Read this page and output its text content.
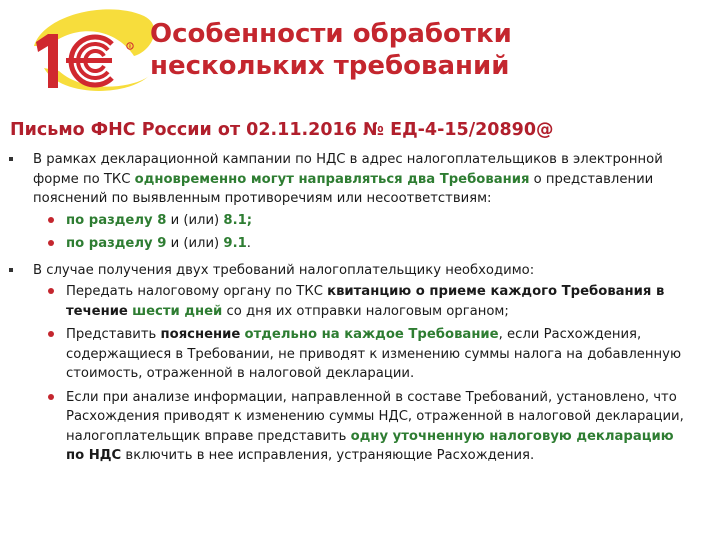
R Особенности обработки
нескольких требований
Письмо ФНС России от 02.11.2016 № ЕД-4-15/20890@
В рамках декларационной кампании по НДС в адрес налогоплательщиков в электронной форме по ТКС одновременно могут направляться два Требования о представлении пояснений по выявленным противоречиям или несоответствиям:
по разделу 8 и (или) 8.1;
по разделу 9 и (или) 9.1.
В случае получения двух требований налогоплательщику необходимо:
Передать налоговому органу по ТКС квитанцию о приеме каждого Требования в течение шести дней со дня их отправки налоговым органом;
Представить пояснение отдельно на каждое Требование, если Расхождения, содержащиеся в Требовании, не приводят к изменению суммы налога на добавленную стоимость, отраженной в налоговой декларации.
Если при анализе информации, направленной в составе Требований, установлено, что Расхождения приводят к изменению суммы НДС, отраженной в налоговой декларации, налогоплательщик вправе представить одну уточненную налоговую декларацию по НДС включить в нее исправления, устраняющие Расхождения.
